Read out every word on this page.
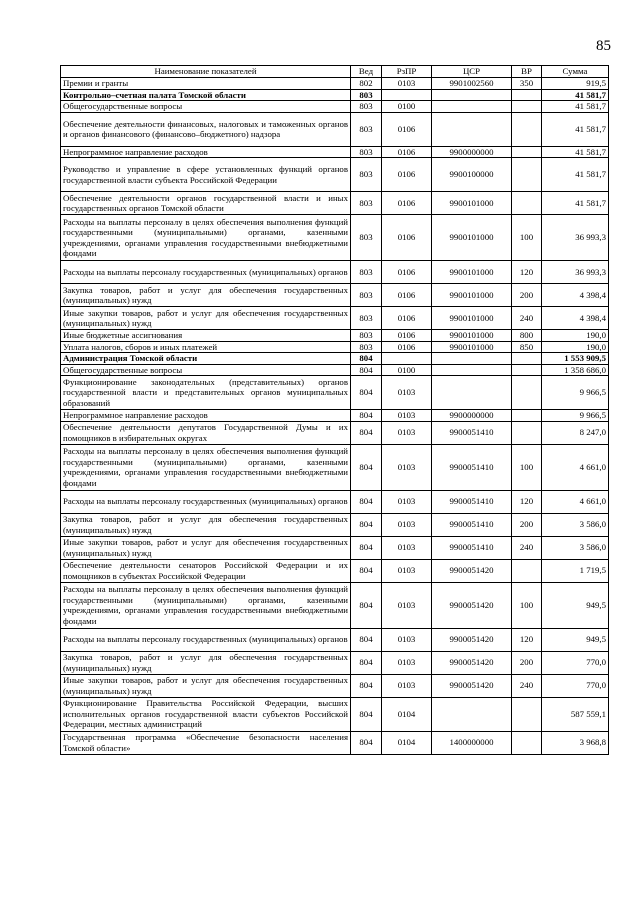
85
Наименование показателей	Вед	РзПР	ЦСР	ВР	Сумма
Премии и гранты	802	0103	9901002560	350	919,5
Контрольно–счетная палата Томской области	803				41 581,7
Общегосударственные вопросы	803	0100			41 581,7
Обеспечение деятельности финансовых, налоговых и таможенных органов и органов финансового (финансово–бюджетного) надзора	803	0106			41 581,7
Непрограммное направление расходов	803	0106	9900000000		41 581,7
Руководство и управление в сфере установленных функций органов государственной власти субъекта Российской Федерации	803	0106	9900100000		41 581,7
Обеспечение деятельности органов государственной власти и иных государственных органов Томской области	803	0106	9900101000		41 581,7
Расходы на выплаты персоналу в целях обеспечения выполнения функций государственными (муниципальными) органами, казенными учреждениями, органами управления государственными внебюджетными фондами	803	0106	9900101000	100	36 993,3
Расходы на выплаты персоналу государственных (муниципальных) органов	803	0106	9900101000	120	36 993,3
Закупка товаров, работ и услуг для обеспечения государственных (муниципальных) нужд	803	0106	9900101000	200	4 398,4
Иные закупки товаров, работ и услуг для обеспечения государственных (муниципальных) нужд	803	0106	9900101000	240	4 398,4
Иные бюджетные ассигнования	803	0106	9900101000	800	190,0
Уплата налогов, сборов и иных платежей	803	0106	9900101000	850	190,0
Администрация Томской области	804				1 553 909,5
Общегосударственные вопросы	804	0100			1 358 686,0
Функционирование законодательных (представительных) органов государственной власти и представительных органов муниципальных образований	804	0103			9 966,5
Непрограммное направление расходов	804	0103	9900000000		9 966,5
Обеспечение деятельности депутатов Государственной Думы и их помощников в избирательных округах	804	0103	9900051410		8 247,0
Расходы на выплаты персоналу в целях обеспечения выполнения функций государственными (муниципальными) органами, казенными учреждениями, органами управления государственными внебюджетными фондами	804	0103	9900051410	100	4 661,0
Расходы на выплаты персоналу государственных (муниципальных) органов	804	0103	9900051410	120	4 661,0
Закупка товаров, работ и услуг для обеспечения государственных (муниципальных) нужд	804	0103	9900051410	200	3 586,0
Иные закупки товаров, работ и услуг для обеспечения государственных (муниципальных) нужд	804	0103	9900051410	240	3 586,0
Обеспечение деятельности сенаторов Российской Федерации и их помощников в субъектах Российской Федерации	804	0103	9900051420		1 719,5
Расходы на выплаты персоналу в целях обеспечения выполнения функций государственными (муниципальными) органами, казенными учреждениями, органами управления государственными внебюджетными фондами	804	0103	9900051420	100	949,5
Расходы на выплаты персоналу государственных (муниципальных) органов	804	0103	9900051420	120	949,5
Закупка товаров, работ и услуг для обеспечения государственных (муниципальных) нужд	804	0103	9900051420	200	770,0
Иные закупки товаров, работ и услуг для обеспечения государственных (муниципальных) нужд	804	0103	9900051420	240	770,0
Функционирование Правительства Российской Федерации, высших исполнительных органов государственной власти субъектов Российской Федерации, местных администраций	804	0104			587 559,1
Государственная программа «Обеспечение безопасности населения Томской области»	804	0104	1400000000		3 968,8
